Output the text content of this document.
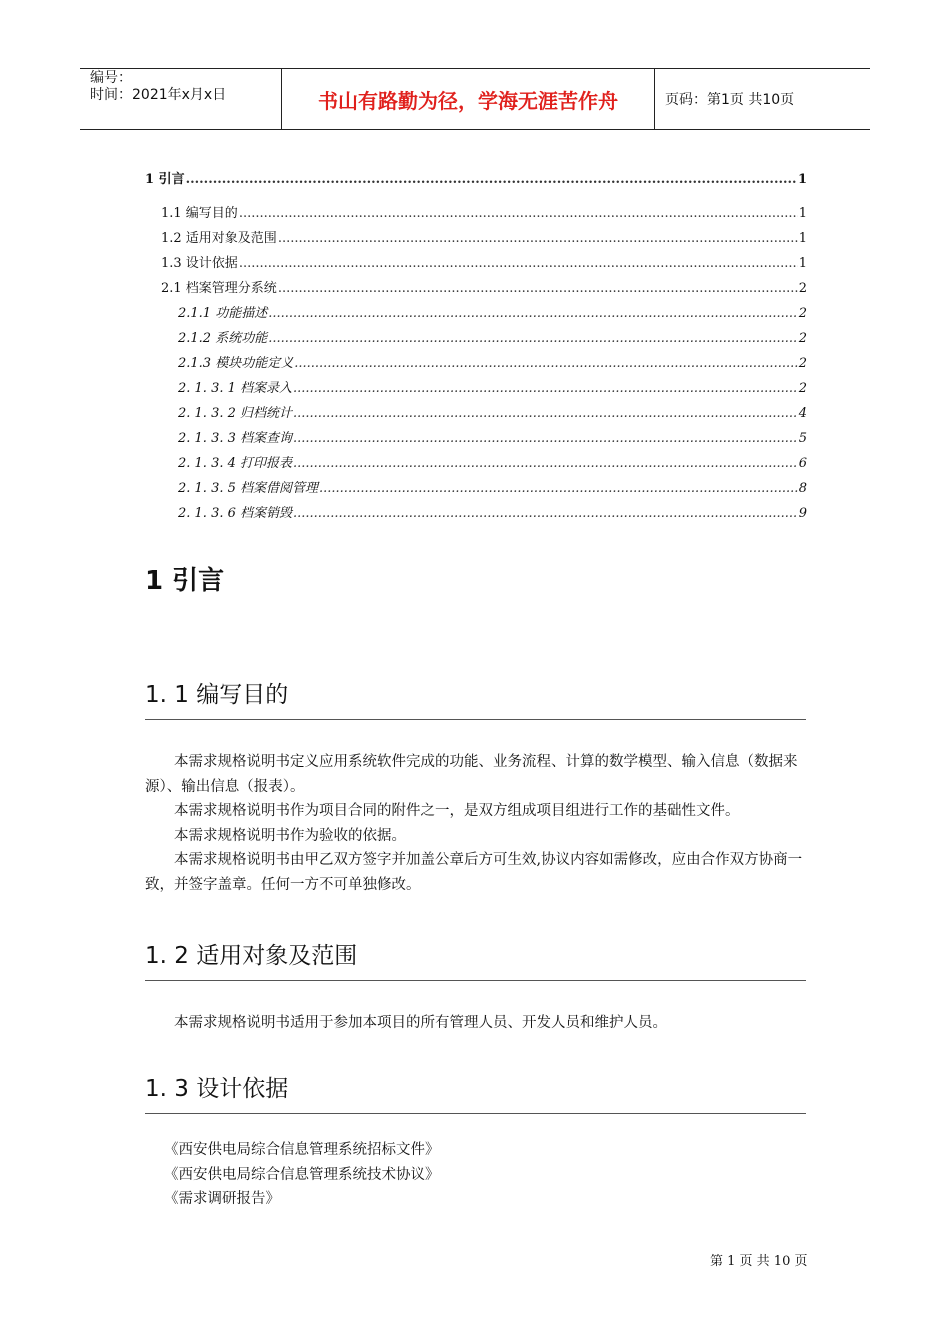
编号：
时间：2021年x月x日	书山有路勤为径，学海无涯苦作舟	页码：第1页 共10页
1 引言 .....	1
1.1 编写目的 .....	1
1.2 适用对象及范围 .....	1
1.3 设计依据 .....	1
2.1 档案管理分系统 .....	2
2.1.1 功能描述 .....	2
2.1.2 系统功能 .....	2
2.1.3 模块功能定义 .....	2
2. 1. 3. 1 档案录入 .....	2
2. 1. 3. 2 归档统计 .....	4
2. 1. 3. 3 档案查询 .....	5
2. 1. 3. 4 打印报表 .....	6
2. 1. 3. 5 档案借阅管理 .....	8
2. 1. 3. 6 档案销毁 .....	9
1 引言
1. 1 编写目的

本需求规格说明书定义应用系统软件完成的功能、业务流程、计算的数学模型、输入信息（数据来源）、输出信息（报表）。

本需求规格说明书作为项目合同的附件之一，是双方组成项目组进行工作的基础性文件。

本需求规格说明书作为验收的依据。

本需求规格说明书由甲乙双方签字并加盖公章后方可生效,协议内容如需修改，应由合作双方协商一致，并签字盖章。任何一方不可单独修改。

1. 2 适用对象及范围

本需求规格说明书适用于参加本项目的所有管理人员、开发人员和维护人员。

1. 3 设计依据
《西安供电局综合信息管理系统招标文件》
《西安供电局综合信息管理系统技术协议》
《需求调研报告》
第 1 页 共 10 页
